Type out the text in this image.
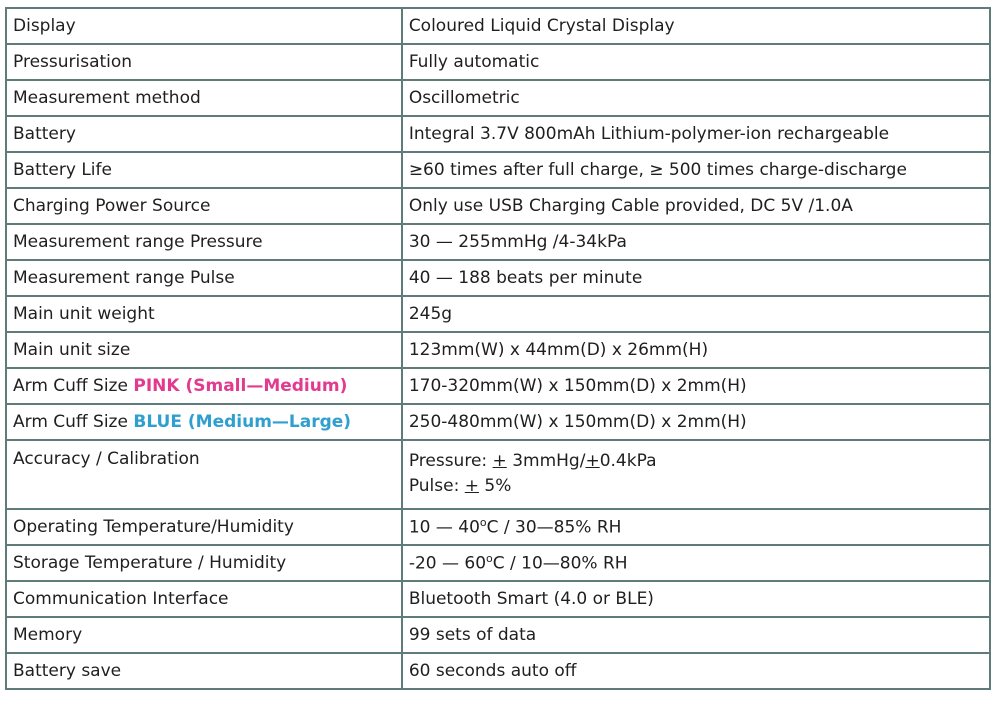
Display	Coloured Liquid Crystal Display
Pressurisation	Fully automatic
Measurement method	Oscillometric
Battery	Integral 3.7V 800mAh Lithium-polymer-ion rechargeable
Battery Life	≥60 times after full charge, ≥ 500 times charge-discharge
Charging Power Source	Only use USB Charging Cable provided, DC 5V /1.0A
Measurement range Pressure	30 — 255mmHg /4-34kPa
Measurement range Pulse	40 — 188 beats per minute
Main unit weight	245g
Main unit size	123mm(W) x 44mm(D) x 26mm(H)
Arm Cuff Size PINK (Small—Medium)	170-320mm(W) x 150mm(D) x 2mm(H)
Arm Cuff Size BLUE (Medium—Large)	250-480mm(W) x 150mm(D) x 2mm(H)
Accuracy / Calibration	Pressure: + 3mmHg/+0.4kPa
Pulse: + 5%

Operating Temperature/Humidity	10 — 40$^o$C / 30—85% RH
Storage Temperature / Humidity	-20 — 60$^o$C / 10—80% RH
Communication Interface	Bluetooth Smart (4.0 or BLE)
Memory	99 sets of data
Battery save	60 seconds auto off
